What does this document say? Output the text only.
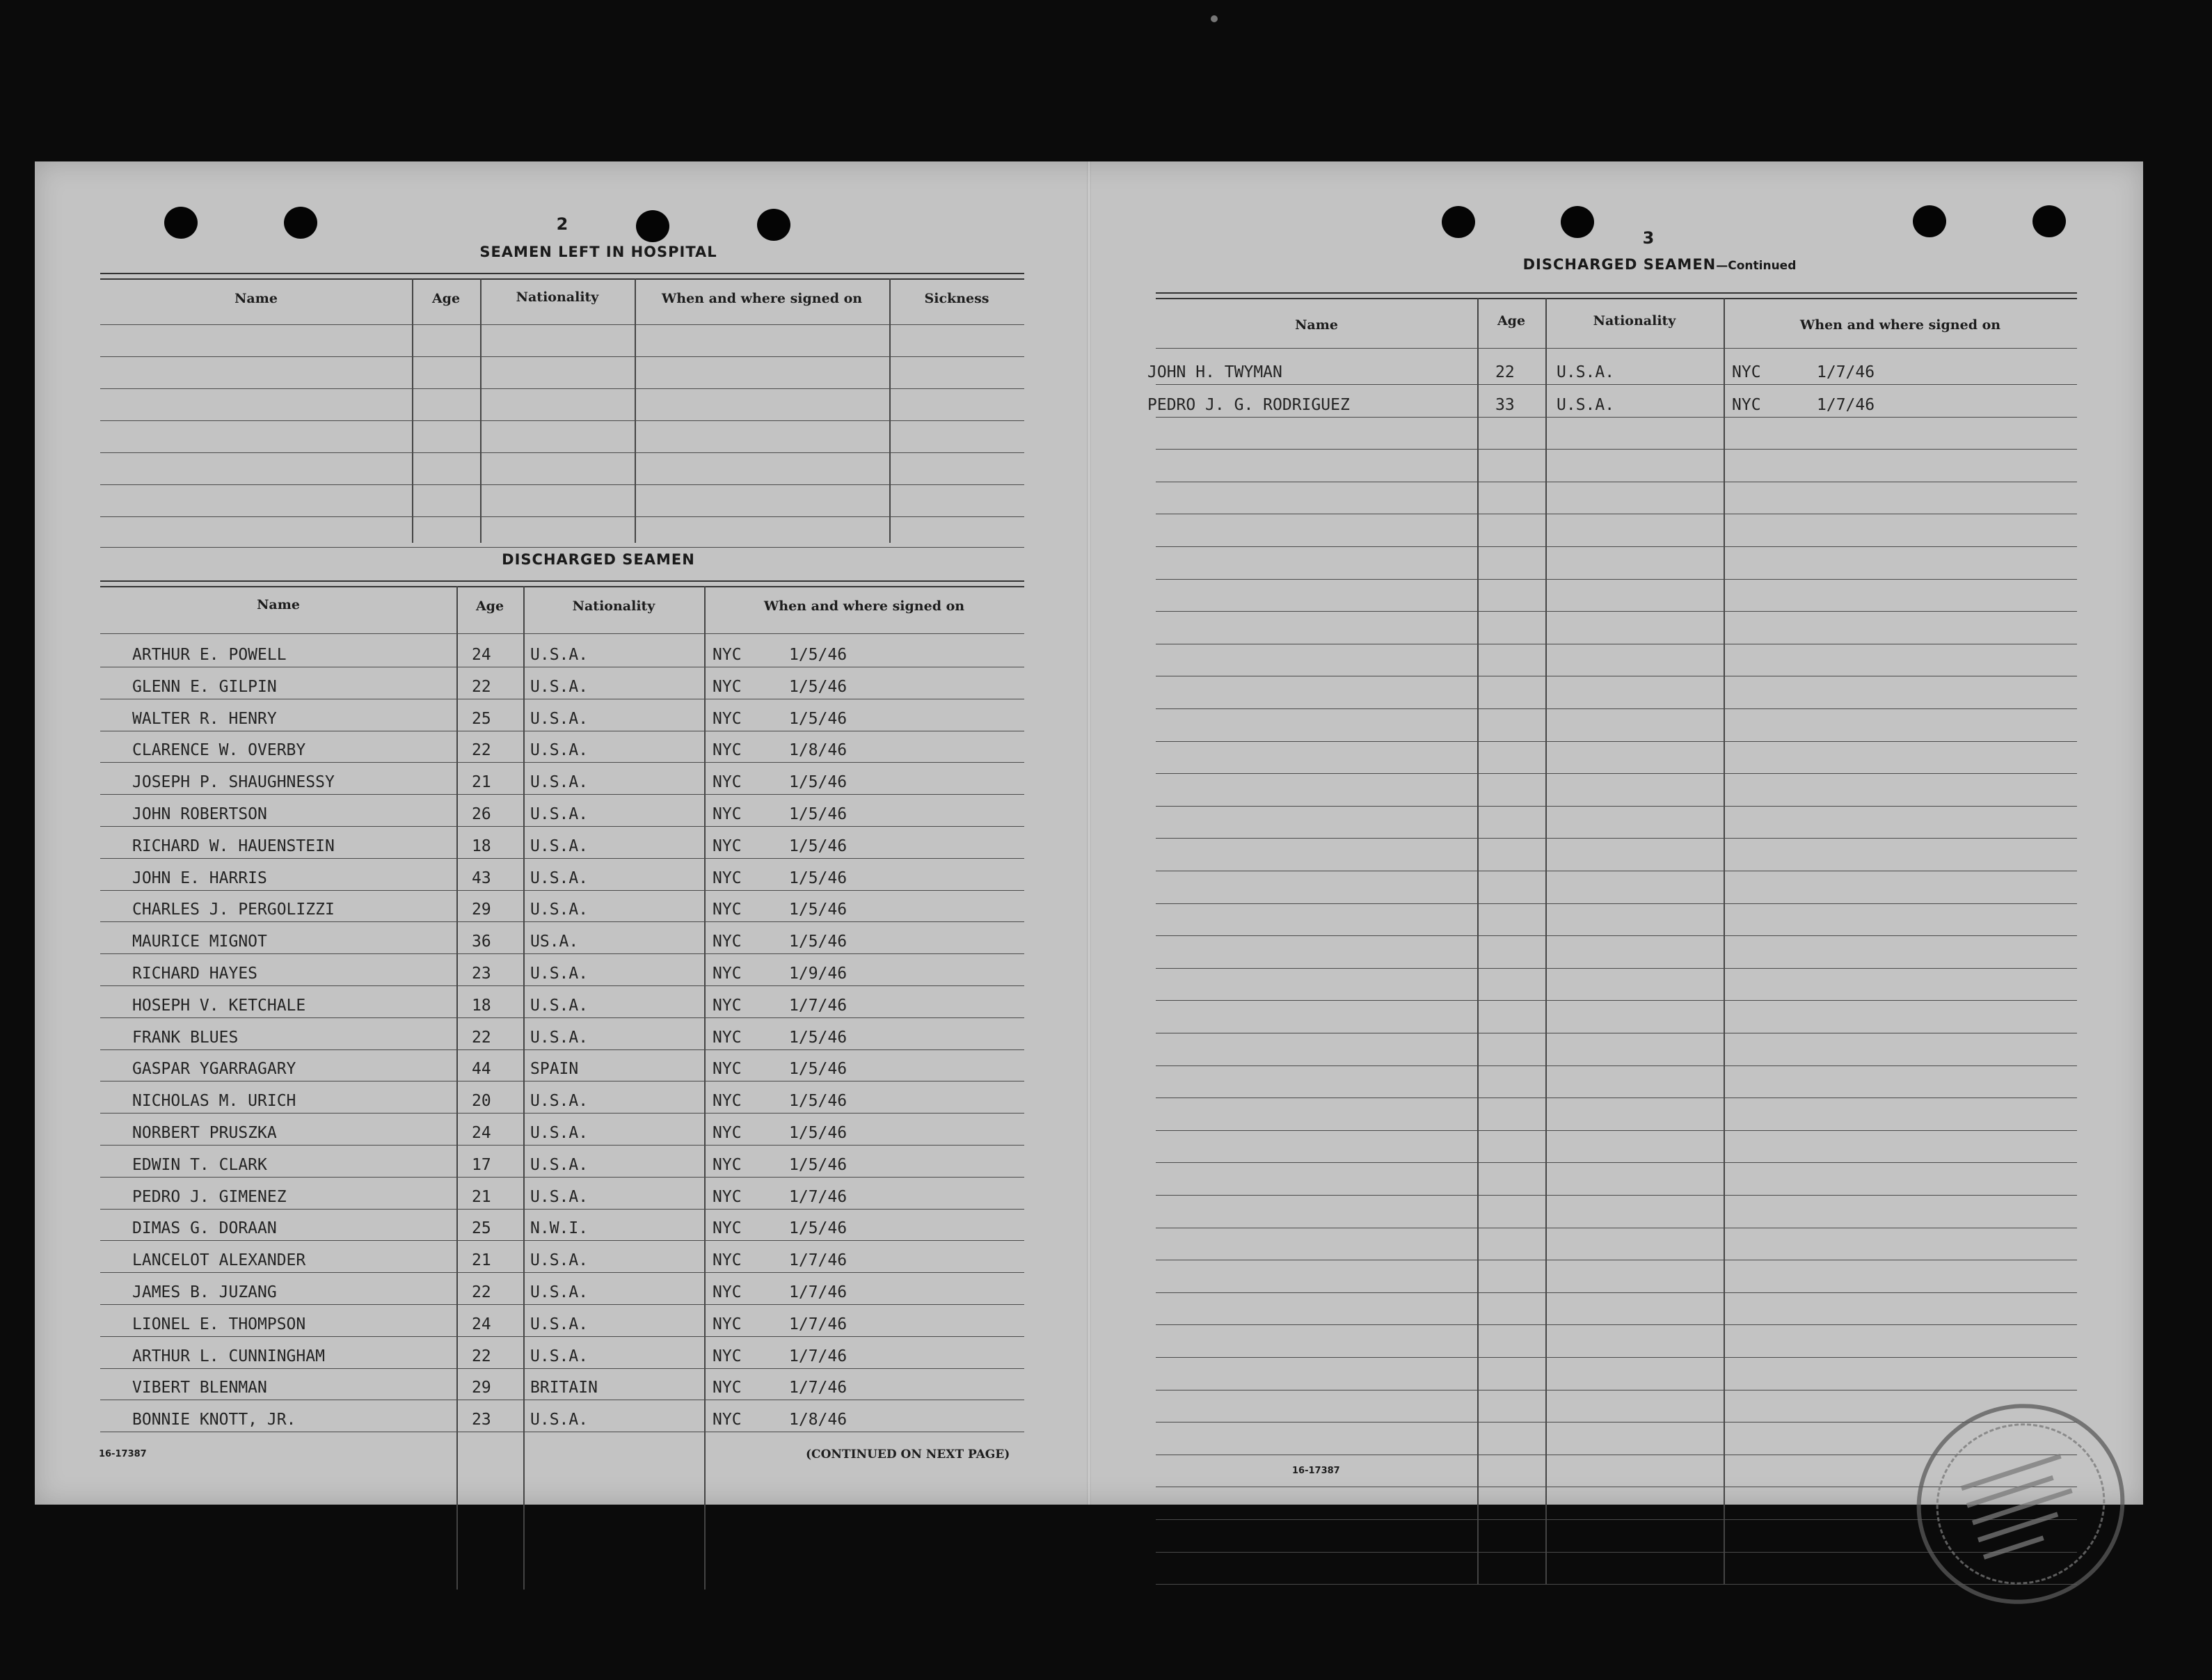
2
SEAMEN LEFT IN HOSPITAL
Name	Age	Nationality	When and where signed on	Sickness
DISCHARGED SEAMEN
Name	Age	Nationality	When and where signed on
ARTHUR E. POWELL	24 U.S.A.	NYC	1/5/46
GLENN E. GILPIN	22 U.S.A.	NYC	1/5/46
WALTER R. HENRY	25 U.S.A.	NYC	1/5/46
CLARENCE W. OVERBY	22 U.S.A.	NYC	1/8/46
JOSEPH P. SHAUGHNESSY	21 U.S.A.	NYC	1/5/46
JOHN ROBERTSON	26 U.S.A.	NYC	1/5/46
RICHARD W. HAUENSTEIN	18 U.S.A.	NYC	1/5/46
JOHN E. HARRIS	43 U.S.A.	NYC	1/5/46
CHARLES J. PERGOLIZZI	29 U.S.A.	NYC	1/5/46
MAURICE MIGNOT	36 US.A.	NYC	1/5/46
RICHARD HAYES	23 U.S.A.	NYC	1/9/46
HOSEPH V. KETCHALE	18 U.S.A.	NYC	1/7/46
FRANK BLUES	22 U.S.A.	NYC	1/5/46
GASPAR YGARRAGARY	44 SPAIN	NYC	1/5/46
NICHOLAS M. URICH	20 U.S.A.	NYC	1/5/46
NORBERT PRUSZKA	24 U.S.A.	NYC	1/5/46
EDWIN T. CLARK	17 U.S.A.	NYC	1/5/46
PEDRO J. GIMENEZ	21 U.S.A.	NYC	1/7/46
DIMAS G. DORAAN	25 N.W.I.	NYC	1/5/46
LANCELOT ALEXANDER	21 U.S.A.	NYC	1/7/46
JAMES B. JUZANG	22 U.S.A.	NYC	1/7/46
LIONEL E. THOMPSON	24 U.S.A.	NYC	1/7/46
ARTHUR L. CUNNINGHAM	22 U.S.A.	NYC	1/7/46
VIBERT BLENMAN	29 BRITAIN	NYC	1/7/46
BONNIE KNOTT, JR.	23 U.S.A.	NYC	1/8/46
16-17387	(CONTINUED ON NEXT PAGE)
3
DISCHARGED SEAMEN—Continued
Name	Age	Nationality	When and where signed on
JOHN H. TWYMAN	22	U.S.A.	NYC	1/7/46
PEDRO J. G. RODRIGUEZ	33	U.S.A.	NYC	1/7/46
16-17387
